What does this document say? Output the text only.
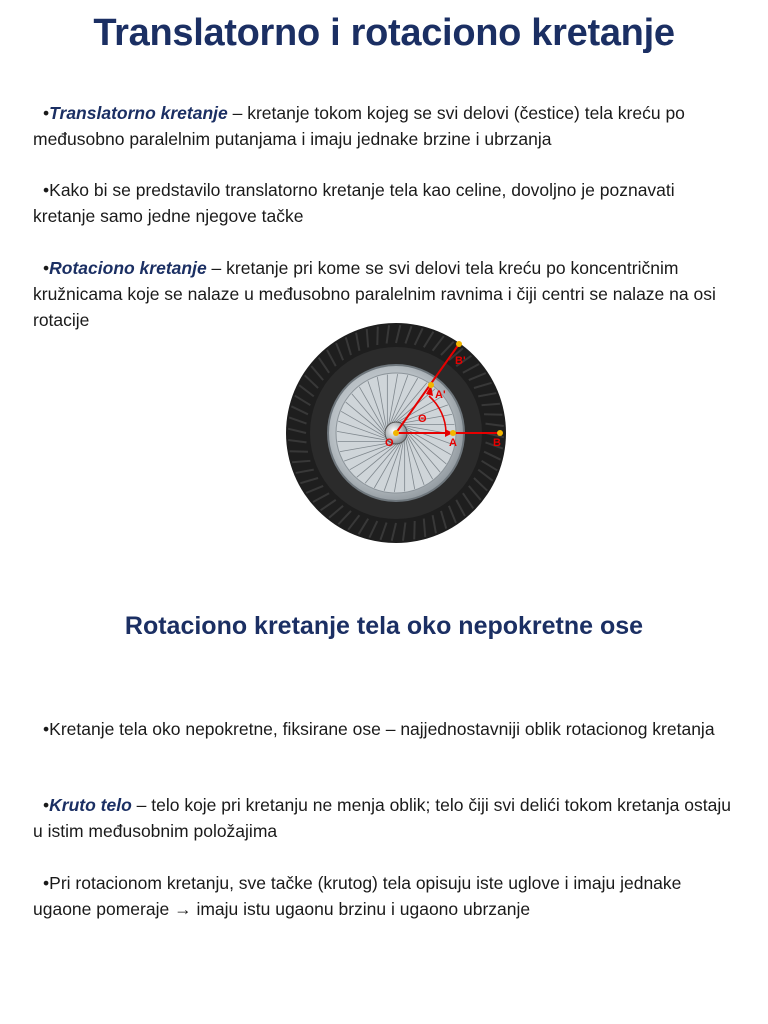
Translatorno i rotaciono kretanje

•Translatorno kretanje – kretanje tokom kojeg se svi delovi (čestice) tela kreću po međusobno paralelnim putanjama i imaju jednake brzine i ubrzanja

•Kako bi se predstavilo translatorno kretanje tela kao celine, dovoljno je poznavati kretanje samo jedne njegove tačke

•Rotaciono kretanje – kretanje pri kome se svi delovi tela kreću po koncentričnim kružnicama koje se nalaze u međusobno paralelnim ravnima i čiji centri se nalaze na osi rotacije

O	A	B
A'
B'
Θ
Rotaciono kretanje tela oko nepokretne ose

•Kretanje tela oko nepokretne, fiksirane ose – najjednostavniji oblik rotacionog kretanja

•Kruto telo – telo koje pri kretanju ne menja oblik; telo čiji svi delići tokom kretanja ostaju u istim međusobnim položajima

•Pri rotacionom kretanju, sve tačke (krutog) tela opisuju iste uglove i imaju jednake ugaone pomeraje → imaju istu ugaonu brzinu i ugaono ubrzanje
